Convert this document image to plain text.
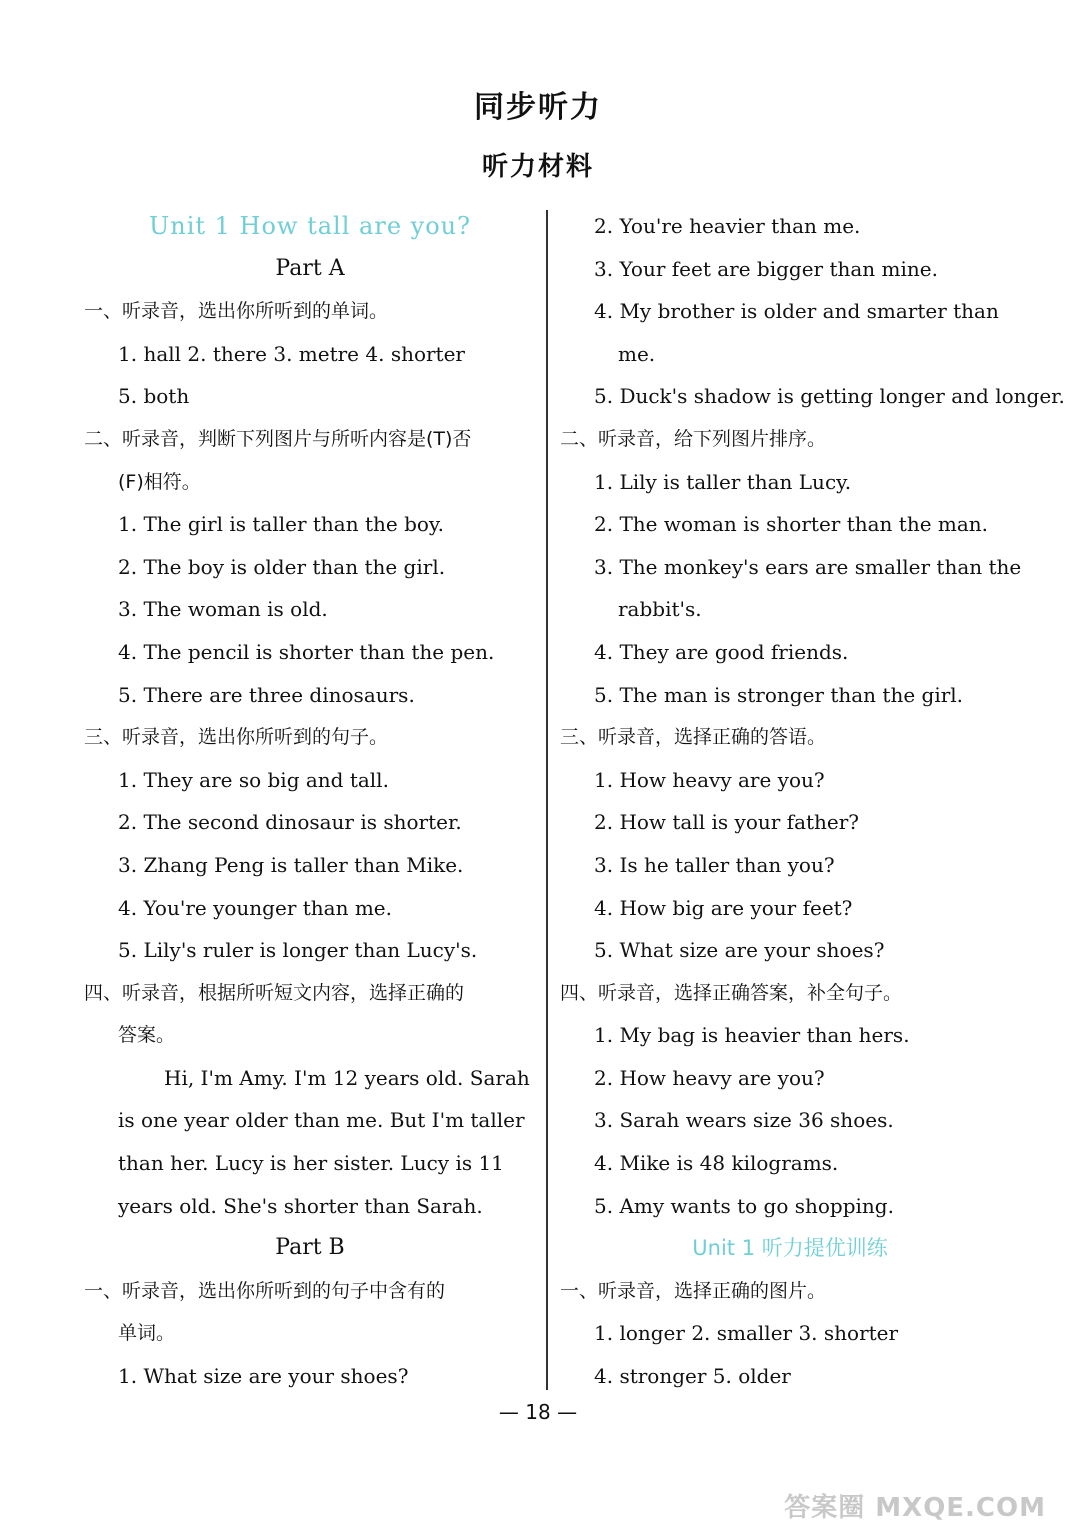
同步听力
听力材料
Unit 1 How tall are you?
Part A
一、听录音，选出你所听到的单词。
1. hall 2. there 3. metre 4. shorter
5. both
二、听录音，判断下列图片与所听内容是(T)否
(F)相符。
1. The girl is taller than the boy.
2. The boy is older than the girl.
3. The woman is old.
4. The pencil is shorter than the pen.
5. There are three dinosaurs.
三、听录音，选出你所听到的句子。
1. They are so big and tall.
2. The second dinosaur is shorter.
3. Zhang Peng is taller than Mike.
4. You're younger than me.
5. Lily's ruler is longer than Lucy's.
四、听录音，根据所听短文内容，选择正确的
答案。
Hi, I'm Amy. I'm 12 years old. Sarah
is one year older than me. But I'm taller
than her. Lucy is her sister. Lucy is 11
years old. She's shorter than Sarah.
Part B
一、听录音，选出你所听到的句子中含有的
单词。
1. What size are your shoes?
2. You're heavier than me.
3. Your feet are bigger than mine.
4. My brother is older and smarter than
me.
5. Duck's shadow is getting longer and longer.
二、听录音，给下列图片排序。
1. Lily is taller than Lucy.
2. The woman is shorter than the man.
3. The monkey's ears are smaller than the
rabbit's.
4. They are good friends.
5. The man is stronger than the girl.
三、听录音，选择正确的答语。
1. How heavy are you?
2. How tall is your father?
3. Is he taller than you?
4. How big are your feet?
5. What size are your shoes?
四、听录音，选择正确答案，补全句子。
1. My bag is heavier than hers.
2. How heavy are you?
3. Sarah wears size 36 shoes.
4. Mike is 48 kilograms.
5. Amy wants to go shopping.
Unit 1 听力提优训练
一、听录音，选择正确的图片。
1. longer 2. smaller 3. shorter
4. stronger 5. older
— 18 —
答案圈 MXQE.COM
